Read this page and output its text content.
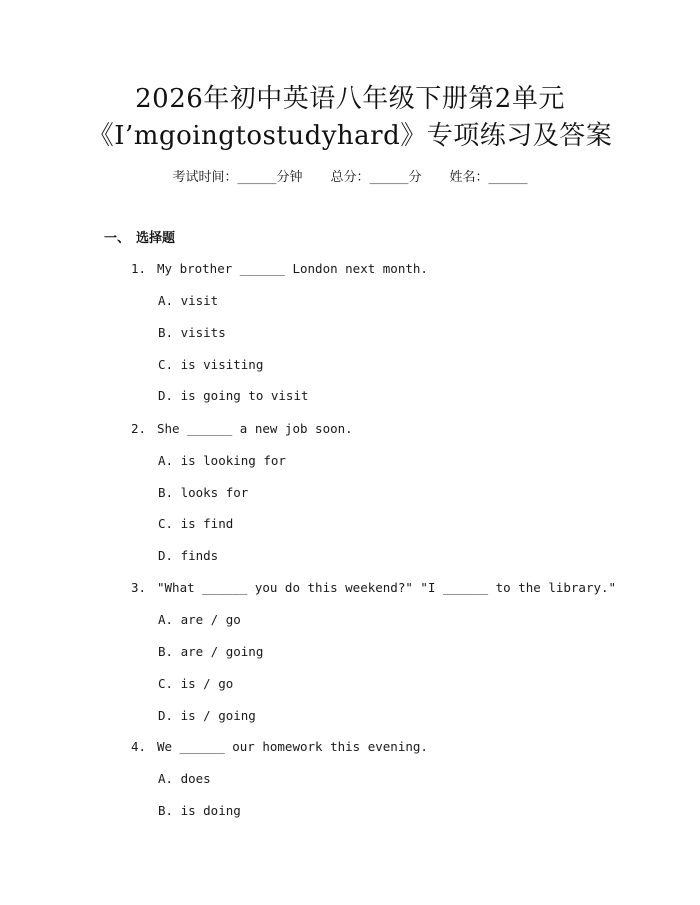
2026年初中英语八年级下册第2单元
《I’mgoingtostudyhard》专项练习及答案
考试时间：______分钟 总分：______分 姓名：______
一、 选择题
1. My brother ______ London next month.
A. visit
B. visits
C. is visiting
D. is going to visit
2. She ______ a new job soon.
A. is looking for
B. looks for
C. is find
D. finds
3. "What ______ you do this weekend?" "I ______ to the library."
A. are / go
B. are / going
C. is / go
D. is / going
4. We ______ our homework this evening.
A. does
B. is doing
